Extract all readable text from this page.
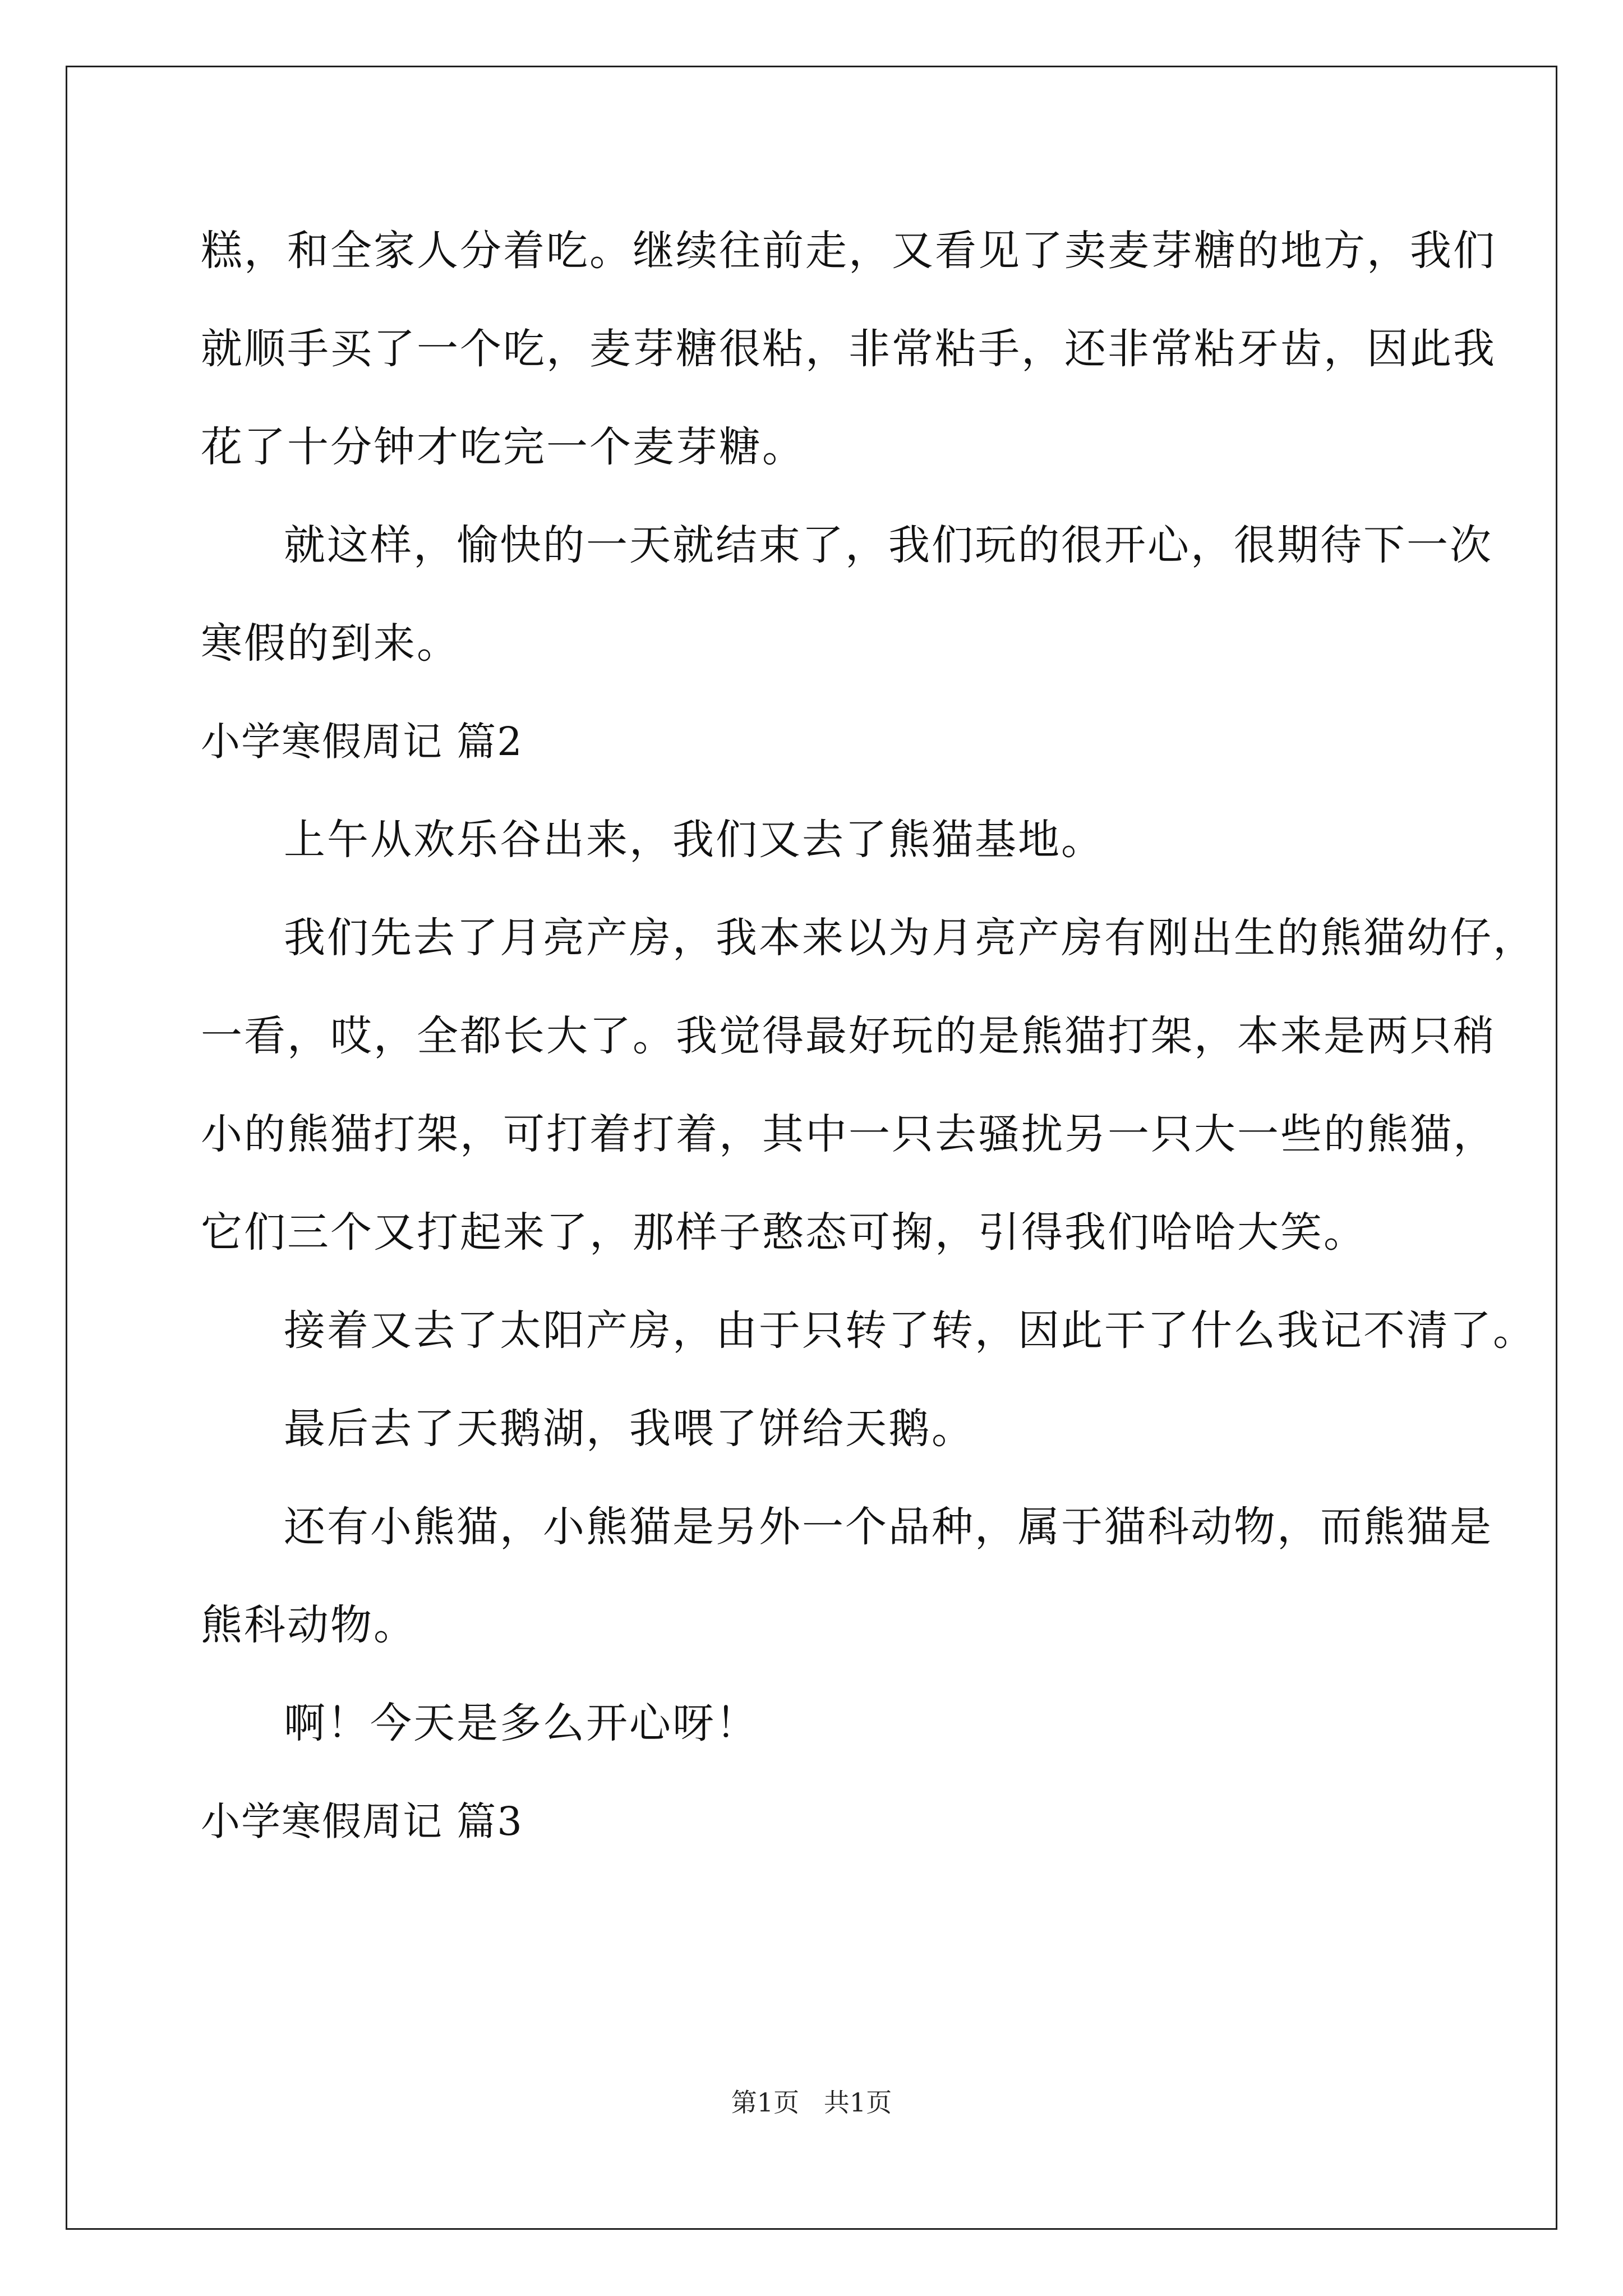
糕，和全家人分着吃。继续往前走，又看见了卖麦芽糖的地方，我们
就顺手买了一个吃，麦芽糖很粘，非常粘手，还非常粘牙齿，因此我
花了十分钟才吃完一个麦芽糖。
就这样，愉快的一天就结束了，我们玩的很开心，很期待下一次
寒假的到来。
小学寒假周记 篇2
上午从欢乐谷出来，我们又去了熊猫基地。
我们先去了月亮产房，我本来以为月亮产房有刚出生的熊猫幼仔，
一看，哎，全都长大了。我觉得最好玩的是熊猫打架，本来是两只稍
小的熊猫打架，可打着打着，其中一只去骚扰另一只大一些的熊猫，
它们三个又打起来了，那样子憨态可掬，引得我们哈哈大笑。
接着又去了太阳产房，由于只转了转，因此干了什么我记不清了。
最后去了天鹅湖，我喂了饼给天鹅。
还有小熊猫，小熊猫是另外一个品种，属于猫科动物，而熊猫是
熊科动物。
啊！今天是多么开心呀！
小学寒假周记 篇3
第1页   共1页
